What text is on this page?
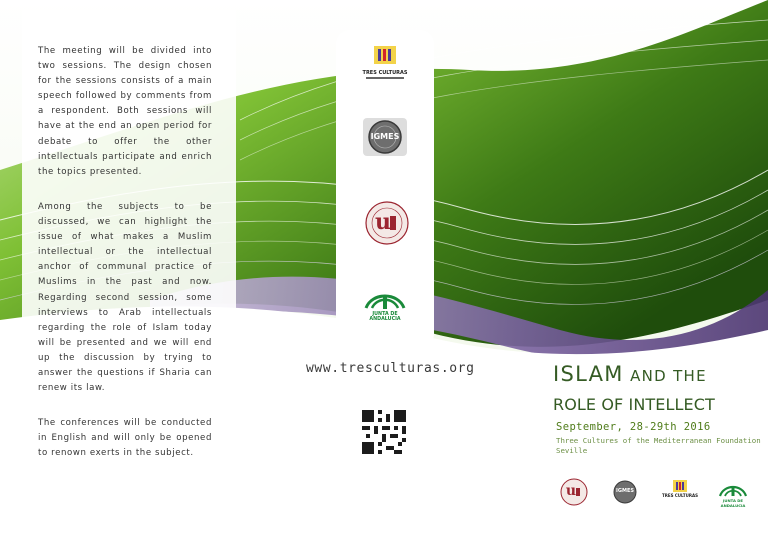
The meeting will be divided into two sessions. The design chosen for the sessions consists of a main speech followed by comments from a respondent. Both sessions will have at the end an open period for debate to offer the other intellectuals participate and enrich the topics presented.

Among the subjects to be discussed, we can highlight the issue of what makes a Muslim intellectual or the intellectual anchor of communal practice of Muslims in the past and now. Regarding second session, some interviews to Arab intellectuals regarding the role of Islam today will be presented and we will end up the discussion by trying to answer the questions if Sharia can renew its law.

The conferences will be conducted in English and will only be opened to renown exerts in the subject.

TRES CULTURAS
IGMES
u
JUNTA DE ANDALUCIA
www.tresculturas.org	ISLAM AND THE
ROLE OF INTELLECT
September, 28-29th 2016
Three Cultures of the Mediterranean Foundation
Seville
u	IGMES
TRES CULTURAS
JUNTA DE ANDALUCIA
